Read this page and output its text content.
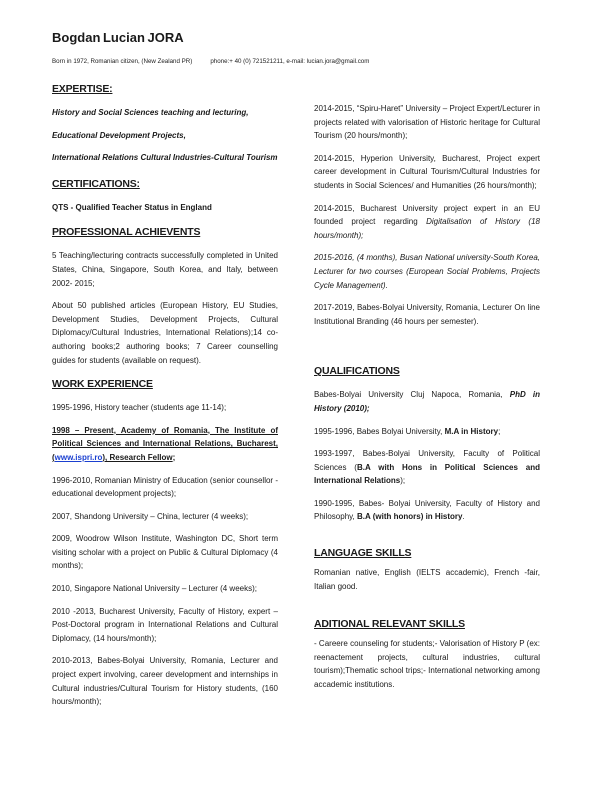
Bogdan Lucian JORA
Born in 1972, Romanian citizen, (New Zealand PR)	phone:+ 40 (0) 721521211, e-mail: lucian.jora@gmail.com
EXPERTISE:

History and Social Sciences teaching and lecturing,

Educational Development Projects,

International Relations Cultural Industries-Cultural Tourism

CERTIFICATIONS:

QTS - Qualified Teacher Status in England

PROFESSIONAL ACHIEVENTS

5 Teaching/lecturing contracts successfully completed in United States, China, Singapore, South Korea, and Italy, between 2002- 2015;

About 50 published articles (European History, EU Studies, Development Studies, Development Projects, Cultural Diplomacy/Cultural Industries, International Relations);14 co-authoring books;2 authoring books; 7 Career counselling guides for students (available on request).

WORK EXPERIENCE

1995-1996, History teacher (students age 11-14);

1998 – Present, Academy of Romania, The Institute of Political Sciences and International Relations, Bucharest, (www.ispri.ro), Research Fellow;

1996-2010, Romanian Ministry of Education (senior counsellor - educational development projects);

2007, Shandong University – China, lecturer (4 weeks);

2009, Woodrow Wilson Institute, Washington DC, Short term visiting scholar with a project on Public & Cultural Diplomacy (4 months);

2010, Singapore National University – Lecturer (4 weeks);

2010 -2013, Bucharest University, Faculty of History, expert – Post-Doctoral program in International Relations and Cultural Diplomacy, (14 hours/month);

2010-2013, Babes-Bolyai University, Romania, Lecturer and project expert involving, career development and internships in Cultural industries/Cultural Tourism for History students, (160 hours/month);

2014-2015, “Spiru-Haret” University – Project Expert/Lecturer in projects related with valorisation of Historic heritage for Cultural Tourism (20 hours/month);

2014-2015, Hyperion University, Bucharest, Project expert career development in Cultural Tourism/Cultural Industries for students in Social Sciences/ and Humanities (26 hours/month);

2014-2015, Bucharest University project expert in an EU founded project regarding Digitalisation of History (18 hours/month);

2015-2016, (4 months), Busan National university-South Korea, Lecturer for two courses (European Social Problems, Projects Cycle Management).

2017-2019, Babes-Bolyai University, Romania, Lecturer On line Institutional Branding (46 hours per semester).

QUALIFICATIONS

Babes-Bolyai University Cluj Napoca, Romania, PhD in History (2010);

1995-1996, Babes Bolyai University, M.A in History;

1993-1997, Babes-Bolyai University, Faculty of Political Sciences (B.A with Hons in Political Sciences and International Relations);

1990-1995, Babes- Bolyai University, Faculty of History and Philosophy, B.A (with honors) in History.

LANGUAGE SKILLS

Romanian native, English (IELTS accademic), French -fair, Italian good.

ADITIONAL RELEVANT SKILLS

- Careere counseling for students;- Valorisation of History P (ex: reenactement projects, cultural industries, cultural tourism);Thematic school trips;- International networking among accademic institutions.
